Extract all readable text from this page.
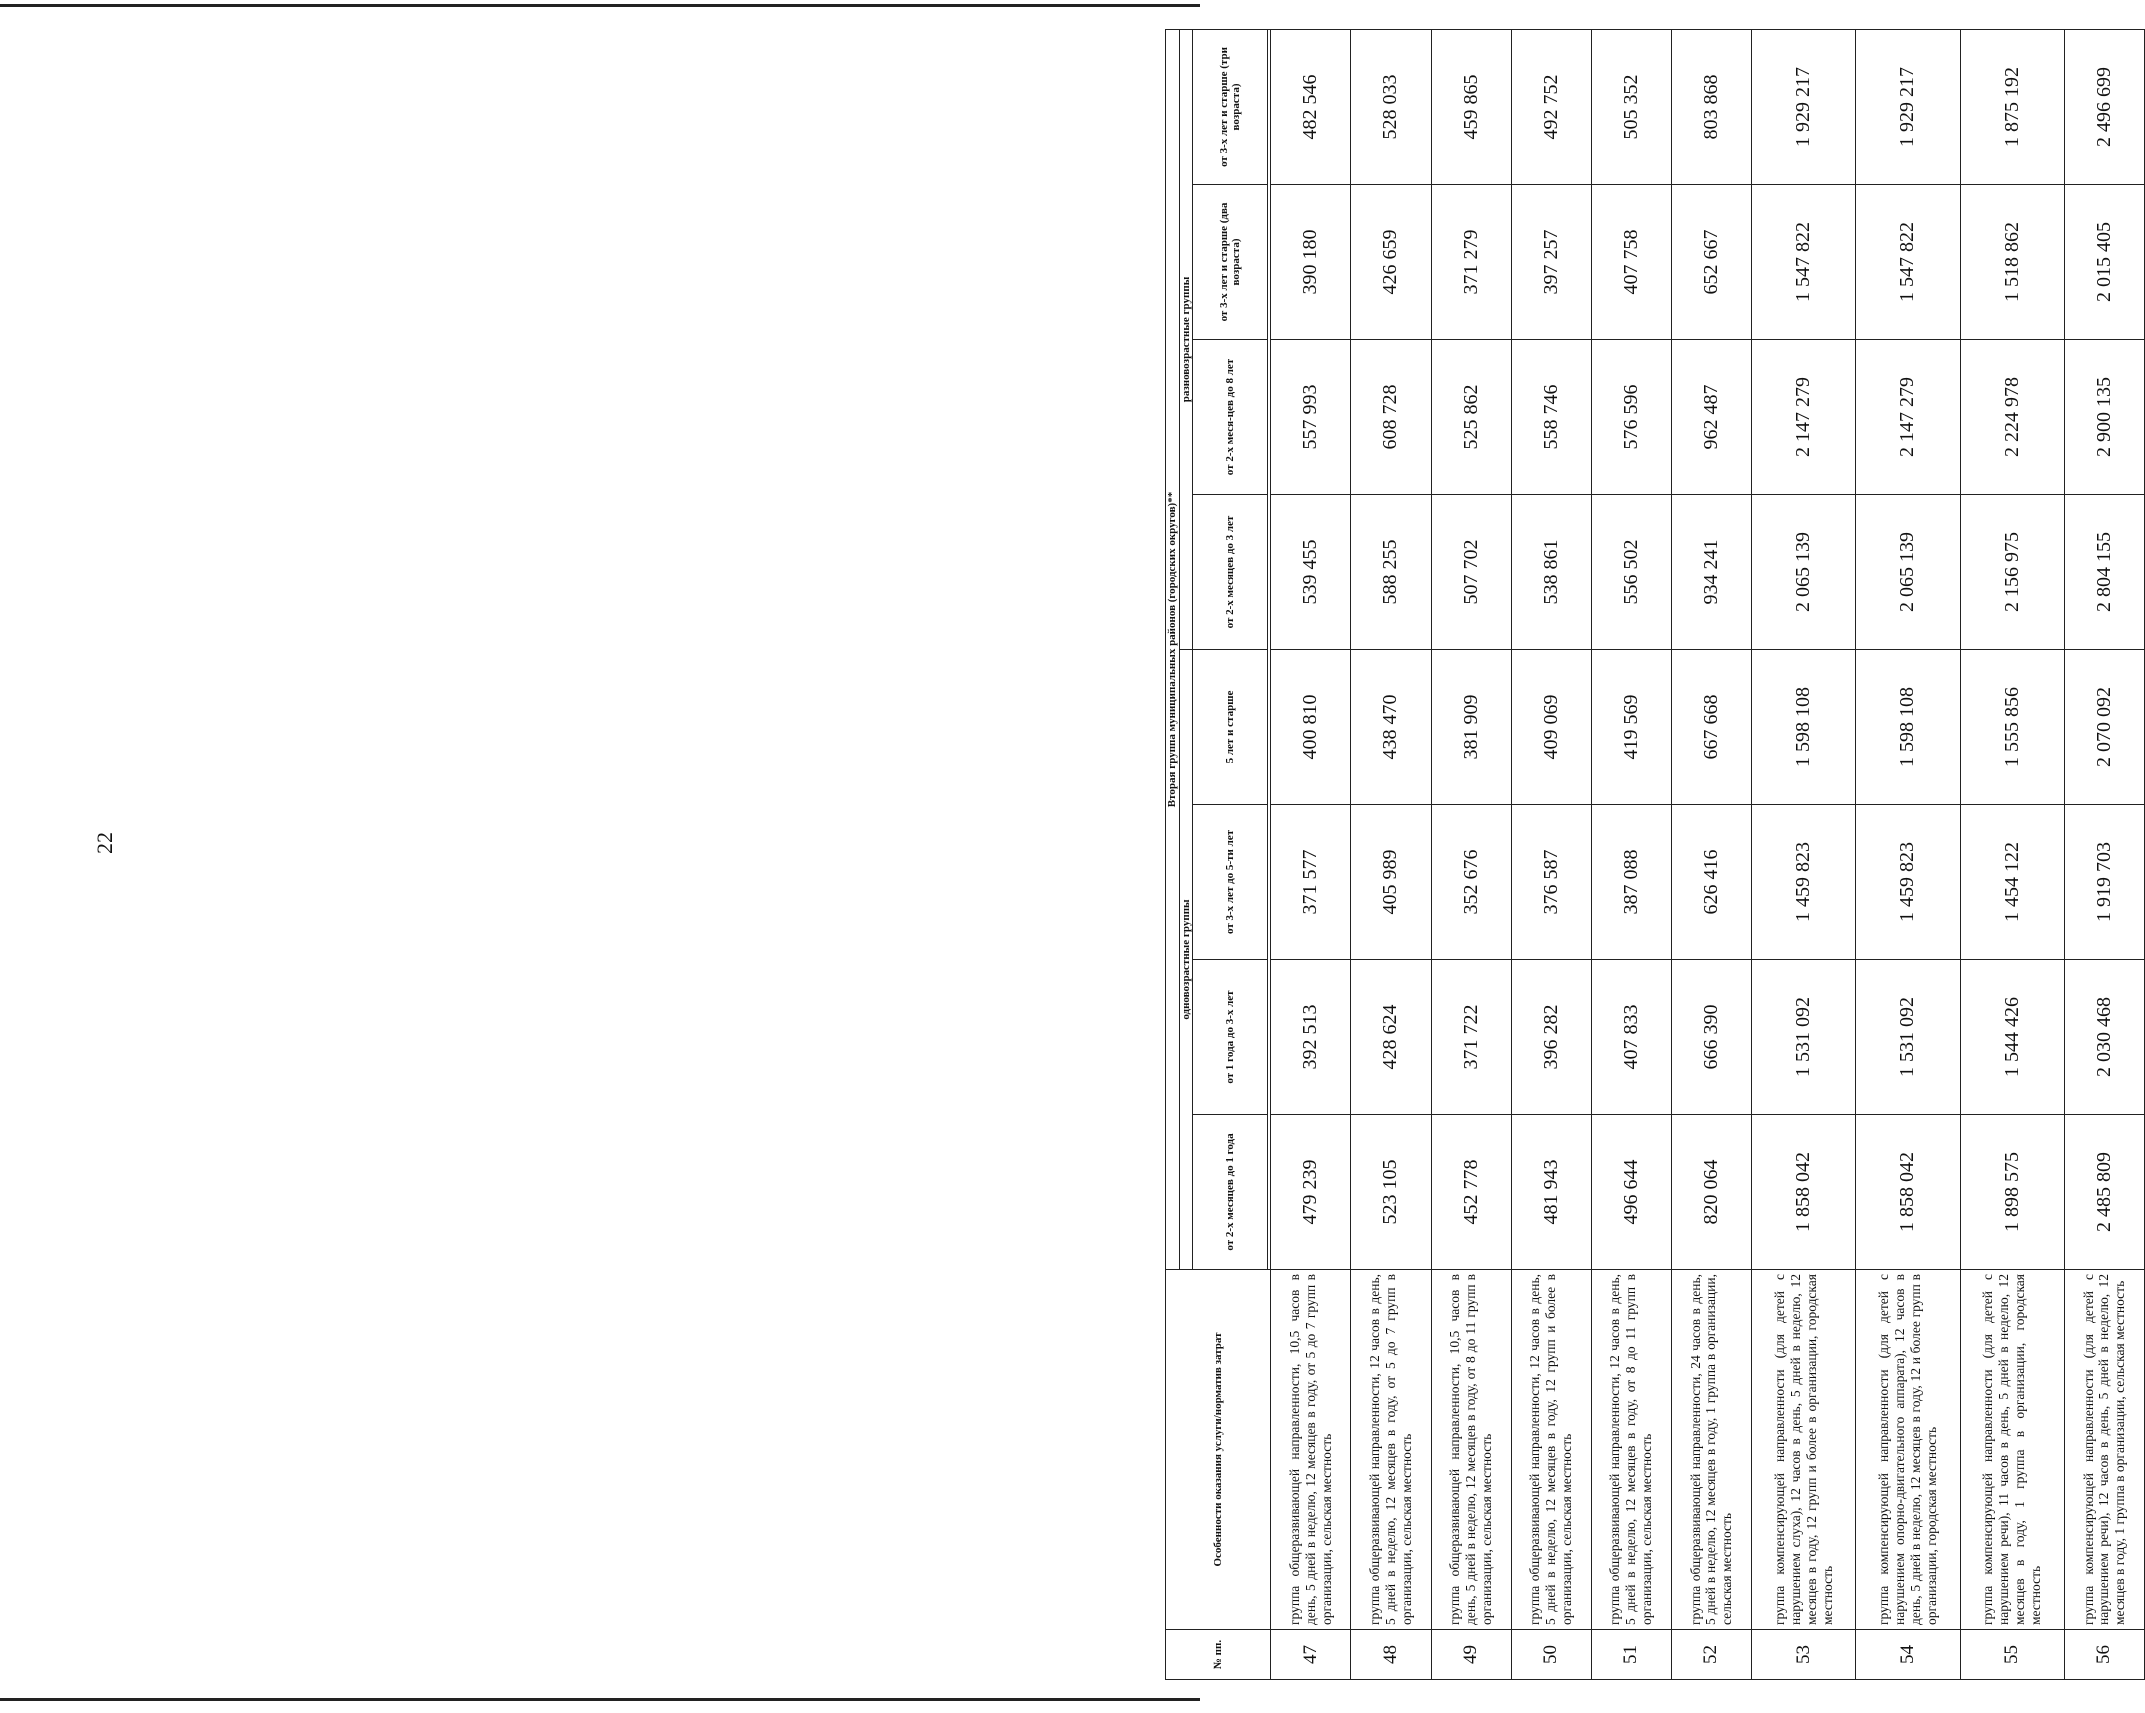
22
№ пп.	Особенности оказания услуги/норматив затрат	Вторая группа муниципальных районов (городских округов)**							
		одновозрастные группы				разновозрастные группы			
		от 2-х месяцев до 1 года	от 1 года до 3-х лет	от 3-х лет до 5-ти лет	5 лет и старше	от 2-х месяцев до 3 лет	от 2-х меся-цев до 8 лет	от 3-х лет и старше (два возраста)	от 3-х лет и старше (три возраста)

47	группа общеразвивающей направленности, 10,5 часов в день, 5 дней в неделю, 12 месяцев в году, от 5 до 7 групп в организации, сельская местность	479 239	392 513	371 577	400 810	539 455	557 993	390 180	482 546
48	группа общеразвивающей направленности, 12 часов в день, 5 дней в неделю, 12 месяцев в году, от 5 до 7 групп в организации, сельская местность	523 105	428 624	405 989	438 470	588 255	608 728	426 659	528 033
49	группа общеразвивающей направленности, 10,5 часов в день, 5 дней в неделю, 12 месяцев в году, от 8 до 11 групп в организации, сельская местность	452 778	371 722	352 676	381 909	507 702	525 862	371 279	459 865
50	группа общеразвивающей направленности, 12 часов в день, 5 дней в неделю, 12 месяцев в году, 12 групп и более в организации, сельская местность	481 943	396 282	376 587	409 069	538 861	558 746	397 257	492 752
51	группа общеразвивающей направленности, 12 часов в день, 5 дней в неделю, 12 месяцев в году, от 8 до 11 групп в организации, сельская местность	496 644	407 833	387 088	419 569	556 502	576 596	407 758	505 352
52	группа общеразвивающей направленности, 24 часов в день, 5 дней в неделю, 12 месяцев в году, 1 группа в организации, сельская местность	820 064	666 390	626 416	667 668	934 241	962 487	652 667	803 868
53	группа компенсирующей направленности (для детей с нарушением слуха), 12 часов в день, 5 дней в неделю, 12 месяцев в году, 12 групп и более в организации, городская местность	1 858 042	1 531 092	1 459 823	1 598 108	2 065 139	2 147 279	1 547 822	1 929 217
54	группа компенсирующей направленности (для детей с нарушением опорно-двигательного аппарата), 12 часов в день, 5 дней в неделю, 12 месяцев в году, 12 и более групп в организации, городская местность	1 858 042	1 531 092	1 459 823	1 598 108	2 065 139	2 147 279	1 547 822	1 929 217
55	группа компенсирующей направленности (для детей с нарушением речи), 11 часов в день, 5 дней в неделю, 12 месяцев в году, 1 группа в организации, городская местность	1 898 575	1 544 426	1 454 122	1 555 856	2 156 975	2 224 978	1 518 862	1 875 192
56	группа компенсирующей направленности (для детей с нарушением речи), 12 часов в день, 5 дней в неделю, 12 месяцев в году, 1 группа в организации, сельская местность	2 485 809	2 030 468	1 919 703	2 070 092	2 804 155	2 900 135	2 015 405	2 496 699
